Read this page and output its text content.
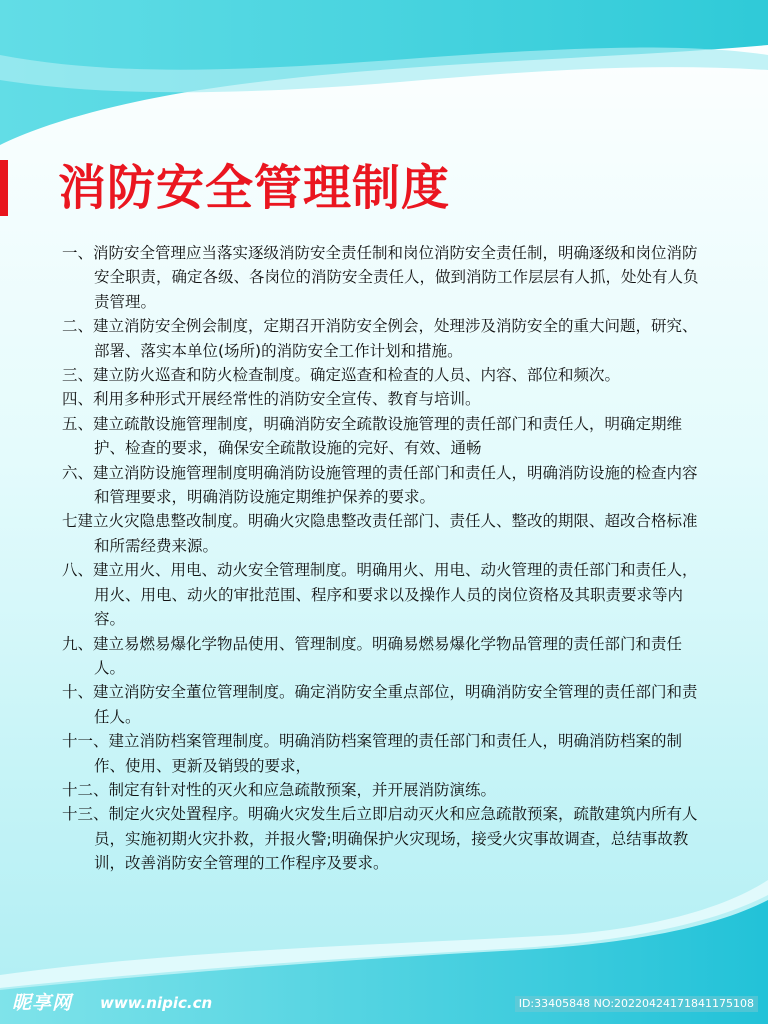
消防安全管理制度
一、消防安全管理应当落实逐级消防安全责任制和岗位消防安全责任制，明确逐级和岗位消防安全职责，确定各级、各岗位的消防安全责任人，做到消防工作层层有人抓，处处有人负责管理。
二、建立消防安全例会制度，定期召开消防安全例会，处理涉及消防安全的重大问题，研究、部署、落实本单位(场所)的消防安全工作计划和措施。
三、建立防火巡查和防火检查制度。确定巡查和检查的人员、内容、部位和频次。
四、利用多种形式开展经常性的消防安全宣传、教育与培训。
五、建立疏散设施管理制度，明确消防安全疏散设施管理的责任部门和责任人，明确定期维护、检查的要求，确保安全疏散设施的完好、有效、通畅
六、建立消防设施管理制度明确消防设施管理的责任部门和责任人，明确消防设施的检查内容和管理要求，明确消防设施定期维护保养的要求。
七建立火灾隐患整改制度。明确火灾隐患整改责任部门、责任人、整改的期限、超改合格标准和所需经费来源。
八、建立用火、用电、动火安全管理制度。明确用火、用电、动火管理的责任部门和责任人，用火、用电、动火的审批范围、程序和要求以及操作人员的岗位资格及其职责要求等内容。
九、建立易燃易爆化学物品使用、管理制度。明确易燃易爆化学物品管理的责任部门和责任人。
十、建立消防安全董位管理制度。确定消防安全重点部位，明确消防安全管理的责任部门和责任人。
十一、建立消防档案管理制度。明确消防档案管理的责任部门和责任人，明确消防档案的制作、使用、更新及销毁的要求，
十二、制定有针对性的灭火和应急疏散预案，并开展消防演练。
十三、制定火灾处置程序。明确火灾发生后立即启动灭火和应急疏散预案，疏散建筑内所有人员，实施初期火灾扑救，并报火警;明确保护火灾现场，接受火灾事故调查，总结事故教训，改善消防安全管理的工作程序及要求。
昵享网 www.nipic.cn	ID:33405848 NO:20220424171841175108
